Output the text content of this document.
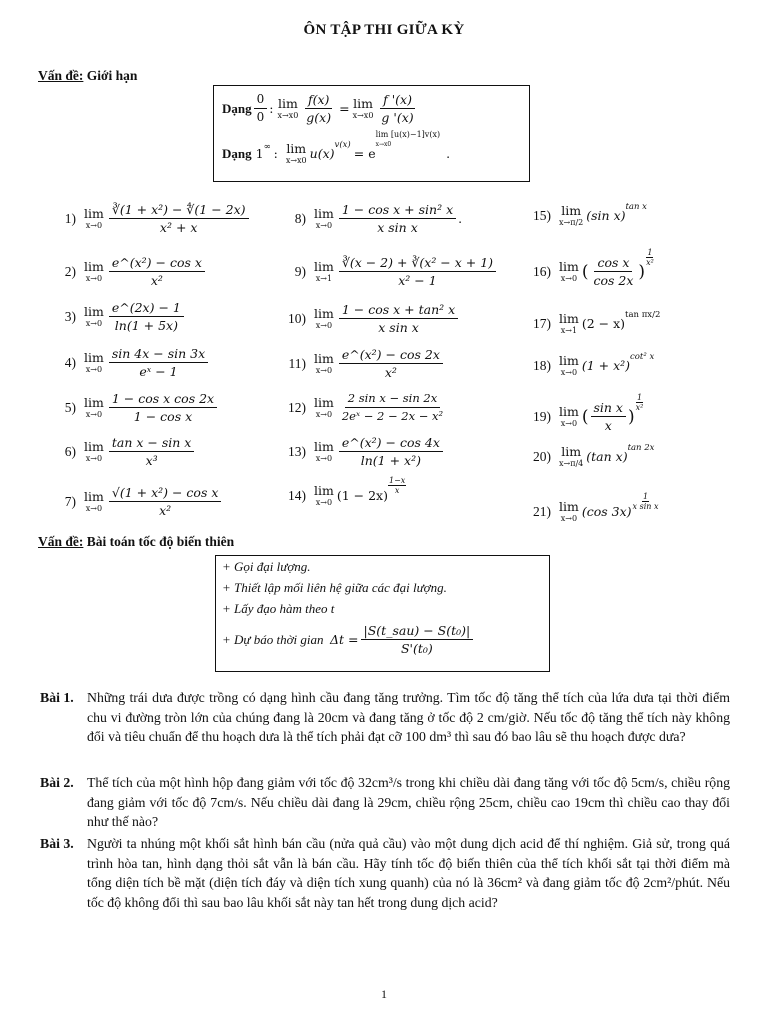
ÔN TẬP THI GIỮA KỲ
Vấn đề: Giới hạn
Dạng $\frac{0}{0}$ :
lim
$x\to x0 \frac{f(x)}{g(x)} = \lim$
$x\to x0 \frac{f '(x)}{g '(x)}$
Dạng
1 ∞ :
lim
x→x0 u(x)
v(x)
= e
lim [u(x)−1]v(x)
x→x0
.
1) lim
$x\to 0 \frac{\text{∛(1 + x²) − ∜(1 − 2x)}}{\text{x² + x}}$
2) lim
$x\to 0 \frac{\text{e\textasciicircum{}(x²) − cos x}}{\text{x²}}$
3) lim
$x\to 0 \frac{e\^{}(2x) - 1}{\ln(1 + 5x)}$
4) lim
$x\to 0 \frac{\sin 4x - \sin 3x}{\text{eˣ − 1}}$
5) lim
$x\to 0 \frac{\text{1 − cos x cos 2x}}{\text{1 − cos x}}$
6) lim
$x\to 0 \frac{\text{tan x − sin x}}{\text{x³}}$
7) lim
$x\to 0 \frac{\text{√(1 + x²) − cos x}}{\text{x²}}$
8) lim
$x\to 0 \frac{\text{1 − cos x + sin² x}}{\text{x sin x}}$ .
9) lim
$x\to 1 \frac{\text{∛(x − 2) + ∛(x² − x + 1)}}{\text{x² − 1}}$
10) lim
$x\to 0 \frac{\text{1 − cos x + tan² x}}{\text{x sin x}}$
11) lim
$x\to 0 \frac{\text{e\textasciicircum{}(x²) − cos 2x}}{\text{x²}}$
12) lim
$x\to 0 \frac{\text{2 sin x − sin 2x}}{\text{2eˣ − 2 − 2x − x²}}$
13) lim
$x\to 0 \frac{\text{e\textasciicircum{}(x²) − cos 4x}}{\text{ln(1 + x²)}}$
14) lim
x→0 (1 − 2x)
$\frac{1-x}{x}$
15) lim
x→π/2 (sin x)
tan x
16) lim
x→0 ( $\frac{\text{cos x}}{\cos 2x}$ )
$\frac{1}{\text{x²}}$
17) lim
x→1 (2 − x)
tan πx/2
18) lim
x→0 (1 + x²)
cot² x
19) lim
x→0 ( $\frac{\text{sin x}}{x}$ )
$\frac{1}{\text{x²}}$
20) lim
x→π/4 (tan x)
tan 2x
21) lim
x→0 (cos 3x)
$\frac{1}{\text{x sin x}}$
Vấn đề: Bài toán tốc độ biến thiên

+ Gọi đại lượng.

+ Thiết lập mối liên hệ giữa các đại lượng.

+ Lấy đạo hàm theo t

+ Dự báo thời gian
$\Delta t = \frac{\text{|S(t\_sau) − S(t₀)|}}{\text{S'(t₀)}}$
Bài 1. Những trái dưa được trồng có dạng hình cầu đang tăng trưởng. Tìm tốc độ tăng thể tích của lứa dưa tại thời điểm chu vi đường tròn lớn của chúng đang là 20cm và đang tăng ở tốc độ 2 cm/giờ. Nếu tốc độ tăng thể tích này không đổi và tiêu chuẩn để thu hoạch dưa là thể tích phải đạt cỡ 100 dm³ thì sau đó bao lâu sẽ thu hoạch được dưa?
Bài 2. Thể tích của một hình hộp đang giảm với tốc độ 32cm³/s trong khi chiều dài đang tăng với tốc độ 5cm/s, chiều rộng đang giảm với tốc độ 7cm/s. Nếu chiều dài đang là 29cm, chiều rộng 25cm, chiều cao 19cm thì chiều cao thay đổi như thế nào?
Bài 3. Người ta nhúng một khối sắt hình bán cầu (nửa quả cầu) vào một dung dịch acid để thí nghiệm. Giả sử, trong quá trình hòa tan, hình dạng thỏi sắt vẫn là bán cầu. Hãy tính tốc độ biến thiên của thể tích khối sắt tại thời điểm mà tổng diện tích bề mặt (diện tích đáy và diện tích xung quanh) của nó là 36cm² và đang giảm tốc độ 2cm²/phút. Nếu tốc độ không đổi thì sau bao lâu khối sắt này tan hết trong dung dịch acid?
1
